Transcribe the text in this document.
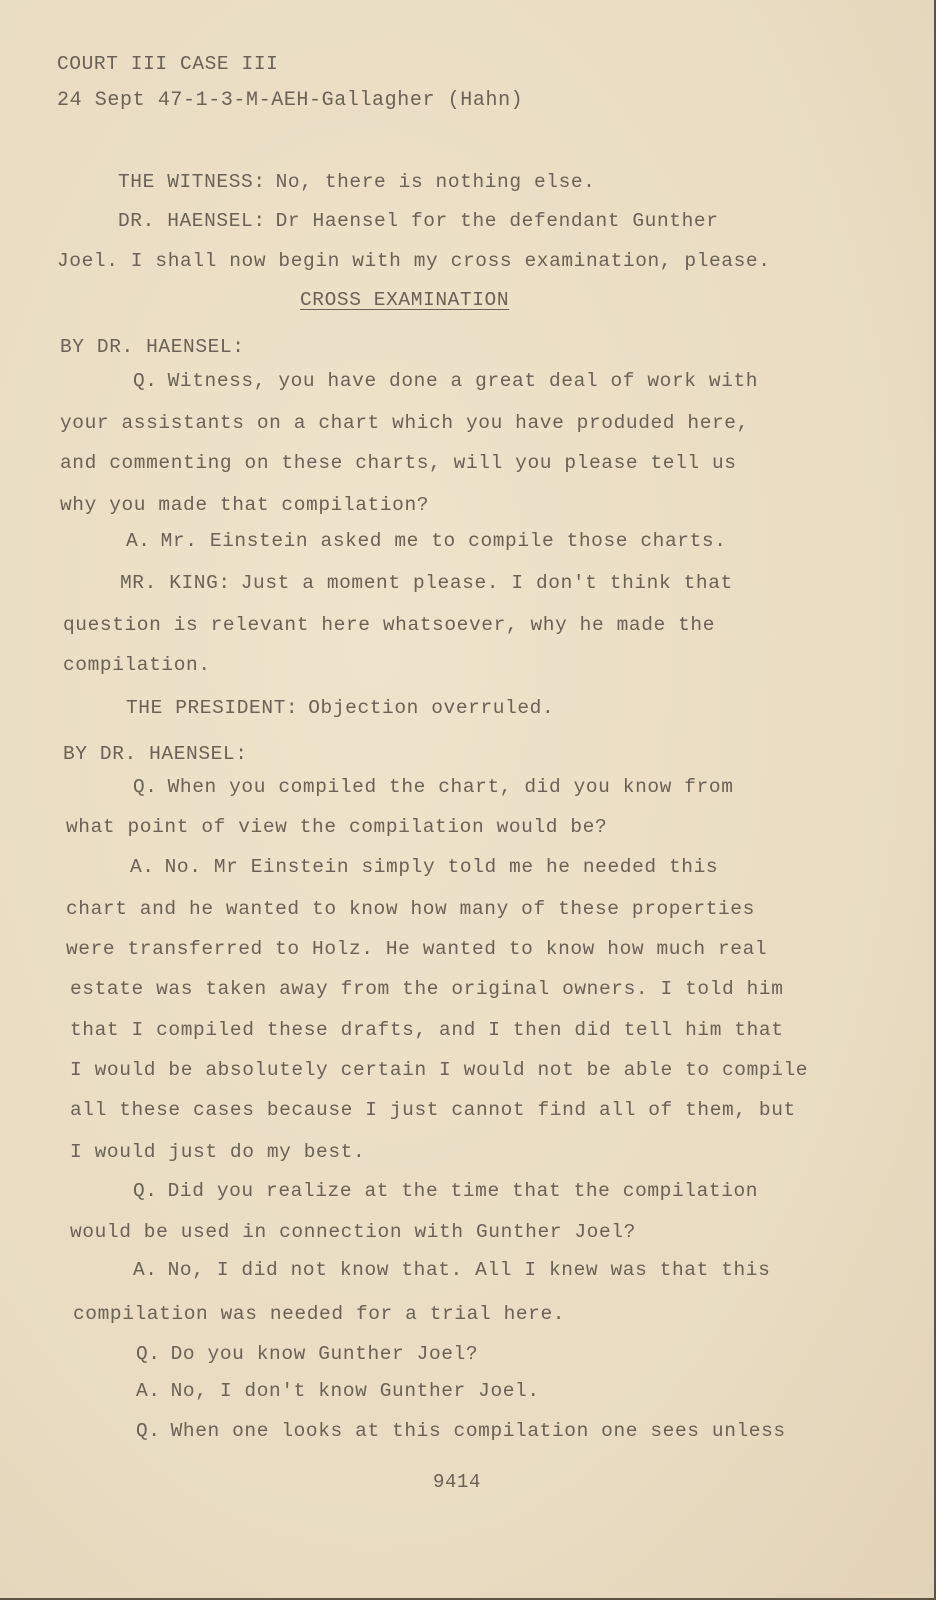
COURT III CASE III
24 Sept 47-1-3-M-AEH-Gallagher (Hahn)
THE WITNESS: No, there is nothing else.
DR. HAENSEL: Dr Haensel for the defendant Gunther
Joel. I shall now begin with my cross examination, please.
CROSS EXAMINATION
BY DR. HAENSEL:
Q. Witness, you have done a great deal of work with
your assistants on a chart which you have produded here,
and commenting on these charts, will you please tell us
why you made that compilation?
A. Mr. Einstein asked me to compile those charts.
MR. KING: Just a moment please. I don't think that
question is relevant here whatsoever, why he made the
compilation.
THE PRESIDENT: Objection overruled.
BY DR. HAENSEL:
Q. When you compiled the chart, did you know from
what point of view the compilation would be?
A. No. Mr Einstein simply told me he needed this
chart and he wanted to know how many of these properties
were transferred to Holz. He wanted to know how much real
estate was taken away from the original owners. I told him
that I compiled these drafts, and I then did tell him that
I would be absolutely certain I would not be able to compile
all these cases because I just cannot find all of them, but
I would just do my best.
Q. Did you realize at the time that the compilation
would be used in connection with Gunther Joel?
A. No, I did not know that. All I knew was that this
compilation was needed for a trial here.
Q. Do you know Gunther Joel?
A. No, I don't know Gunther Joel.
Q. When one looks at this compilation one sees unless
9414
